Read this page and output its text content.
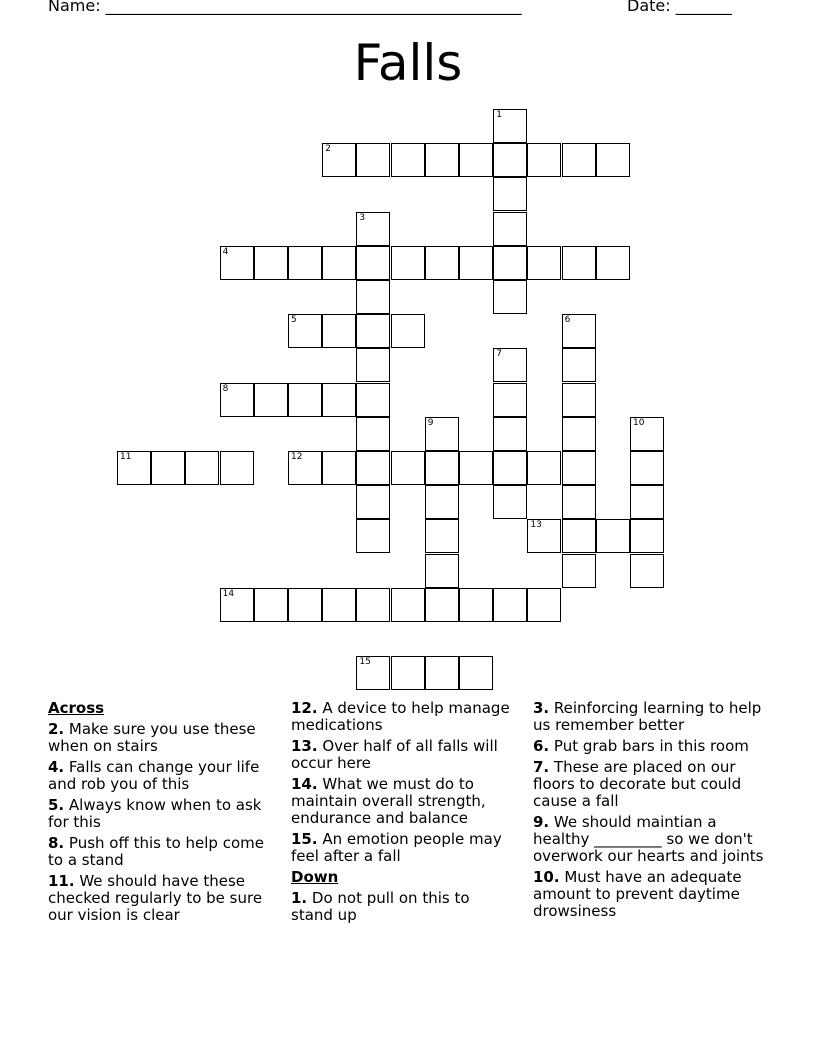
Name: ____________________________________________________	Date: _______
Falls
1
2
3
4
5	6
7
8
9	10
11	12
13
14
15
Across
2. Make sure you use these when on stairs
4. Falls can change your life and rob you of this
5. Always know when to ask for this
8. Push off this to help come to a stand
11. We should have these checked regularly to be sure our vision is clear
12. A device to help manage medications
13. Over half of all falls will occur here
14. What we must do to maintain overall strength, endurance and balance
15. An emotion people may feel after a fall
Down
1. Do not pull on this to stand up
3. Reinforcing learning to help us remember better
6. Put grab bars in this room
7. These are placed on our floors to decorate but could cause a fall
9. We should maintian a healthy _________ so we don't overwork our hearts and joints
10. Must have an adequate amount to prevent daytime drowsiness
